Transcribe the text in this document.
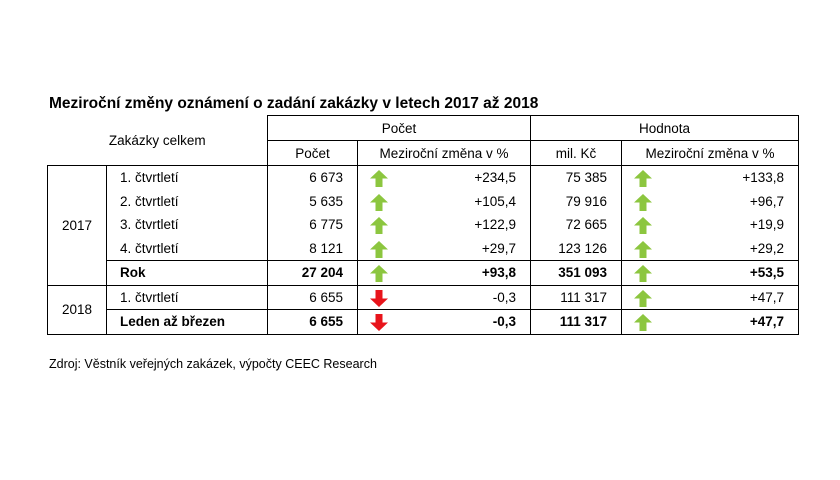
Meziroční změny oznámení o zadání zakázky v letech 2017 až 2018
Zakázky celkem		Počet			Hodnota		
		Počet	Meziroční změna v %		mil. Kč	Meziroční změna v %	
2017	1. čtvrtletí	6 673		+234,5	75 385		+133,8
	2. čtvrtletí	5 635		+105,4	79 916		+96,7
	3. čtvrtletí	6 775		+122,9	72 665		+19,9
	4. čtvrtletí	8 121		+29,7	123 126		+29,2
	Rok	27 204		+93,8	351 093		+53,5
2018	1. čtvrtletí	6 655		-0,3	111 317		+47,7
	Leden až březen	6 655		-0,3	111 317		+47,7
Zdroj: Věstník veřejných zakázek, výpočty CEEC Research
